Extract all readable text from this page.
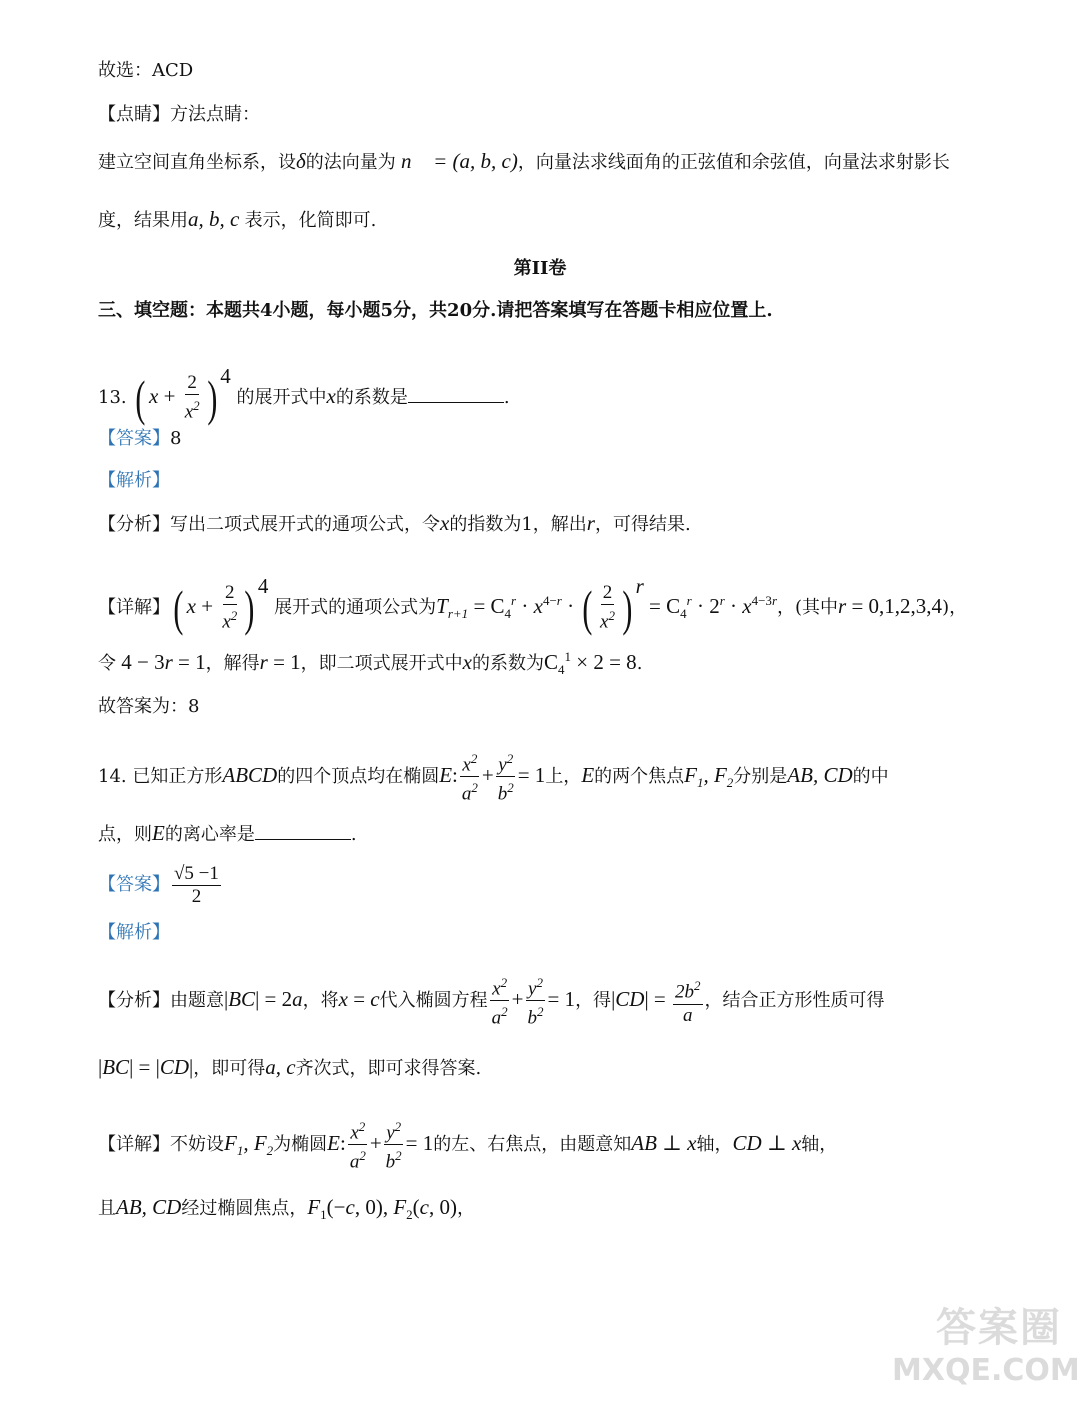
故选：ACD
【点睛】方法点睛：
建立空间直角坐标系，设δ的法向量为 n⃗ = (a, b, c)，向量法求线面角的正弦值和余弦值，向量法求射影长
度，结果用a, b, c 表示，化简即可.
第II卷
三、填空题：本题共4小题，每小题5分，共20分.请把答案填写在答题卡相应位置上.
13. ( $x + \frac{2}{x^2}$ ) $^4$ 的展开式中x的系数是	.
【答案】8
【解析】
【分析】写出二项式展开式的通项公式，令x的指数为1，解出r，可得结果.
【详解】( $x + \frac{2}{x^2}$ ) $^4$ 展开式的通项公式为$T_{r+1} = C_4^r \cdot x^{4-r}$ · ( $\frac{2}{x^2}$ ) $^r = C_4^r \cdot 2^r \cdot x^{4-3r}$，(其中r = 0,1,2,3,4)，
令 4 − 3r = 1，解得r = 1，即二项式展开式中x的系数为$C_4^1 \times 2 = 8$.
故答案为：8
14. 已知正方形ABCD的四个顶点均在椭圆E: $\frac{x^2}{a^2} + \frac{y^2}{b^2} = 1$上，E的两个焦点$F_1$, $F_2$分别是AB, CD的中
点，则E的离心率是	.
【答案】 $\frac{√5 -1}{2}$
【解析】
【分析】由题意|BC| = 2a，将x = c代入椭圆方程 $\frac{x^2}{a^2} + \frac{y^2}{b^2} = 1$，得$|CD| = \frac{2b^2}{a}$ ，结合正方形性质可得
|BC| = |CD|，即可得a, c齐次式，即可求得答案.
【详解】不妨设$F_1$, $F_2$为椭圆E: $\frac{x^2}{a^2} + \frac{y^2}{b^2} = 1$的左、右焦点，由题意知AB ⊥ x轴，CD ⊥ x轴，
且AB, CD经过椭圆焦点，$F_1(-c$, 0), $F_2(c$, 0)，
答案圈
MXQE.COM
